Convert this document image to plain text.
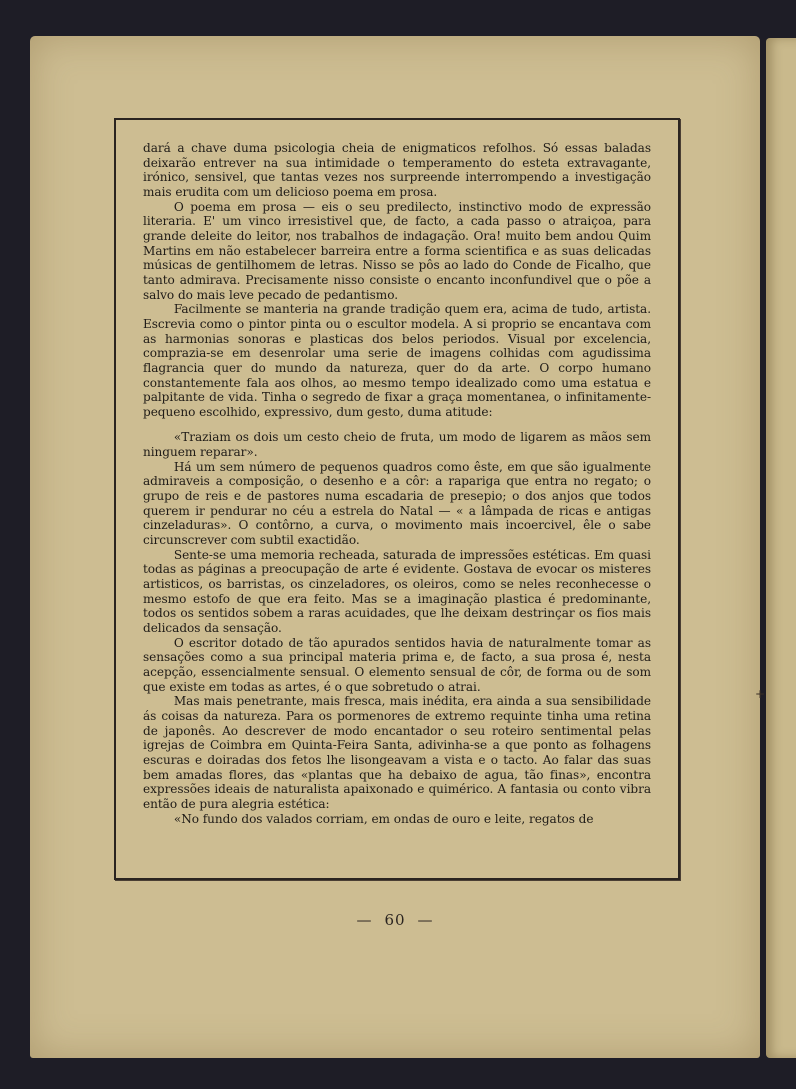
dará a chave duma psicologia cheia de enigmaticos refolhos. Só essas baladas deixarão entrever na sua intimidade o temperamento do esteta extravagante, irónico, sensivel, que tantas vezes nos surpreende interrompendo a investigação mais erudita com um delicioso poema em prosa.

O poema em prosa — eis o seu predilecto, instinctivo modo de expressão literaria. E' um vinco irresistivel que, de facto, a cada passo o atraiçoa, para grande deleite do leitor, nos trabalhos de indagação. Ora! muito bem andou Quim Martins em não estabelecer barreira entre a forma scientifica e as suas delicadas músicas de gentilhomem de letras. Nisso se pôs ao lado do Conde de Ficalho, que tanto admirava. Precisamente nisso consiste o encanto inconfundivel que o põe a salvo do mais leve pecado de pedantismo.

Facilmente se manteria na grande tradição quem era, acima de tudo, artista. Escrevia como o pintor pinta ou o escultor modela. A si proprio se encantava com as harmonias sonoras e plasticas dos belos periodos. Visual por excelencia, comprazia-se em desenrolar uma serie de imagens colhidas com agudissima flagrancia quer do mundo da natureza, quer do da arte. O corpo humano constantemente fala aos olhos, ao mesmo tempo idealizado como uma estatua e palpitante de vida. Tinha o segredo de fixar a graça momentanea, o infinitamente-pequeno escolhido, expressivo, dum gesto, duma atitude:

«Traziam os dois um cesto cheio de fruta, um modo de ligarem as mãos sem ninguem reparar».

Há um sem número de pequenos quadros como êste, em que são igualmente admiraveis a composição, o desenho e a côr: a rapariga que entra no regato; o grupo de reis e de pastores numa escadaria de presepio; o dos anjos que todos querem ir pendurar no céu a estrela do Natal — « a lâmpada de ricas e antigas cinzeladuras». O contôrno, a curva, o movimento mais incoercivel, êle o sabe circunscrever com subtil exactidão.

Sente-se uma memoria recheada, saturada de impressões estéticas. Em quasi todas as páginas a preocupação de arte é evidente. Gostava de evocar os misteres artisticos, os barristas, os cinzeladores, os oleiros, como se neles reconhecesse o mesmo estofo de que era feito. Mas se a imaginação plastica é predominante, todos os sentidos sobem a raras acuidades, que lhe deixam destrinçar os fios mais delicados da sensação.

O escritor dotado de tão apurados sentidos havia de naturalmente tomar as sensações como a sua principal materia prima e, de facto, a sua prosa é, nesta acepção, essencialmente sensual. O elemento sensual de côr, de forma ou de som que existe em todas as artes, é o que sobretudo o atrai.

Mas mais penetrante, mais fresca, mais inédita, era ainda a sua sensibilidade ás coisas da natureza. Para os pormenores de extremo requinte tinha uma retina de japonês. Ao descrever de modo encantador o seu roteiro sentimental pelas igrejas de Coimbra em Quinta-Feira Santa, adivinha-se a que ponto as folhagens escuras e doiradas dos fetos lhe lisongeavam a vista e o tacto. Ao falar das suas bem amadas flores, das «plantas que ha debaixo de agua, tão finas», encontra expressões ideais de naturalista apaixonado e quimérico. A fantasia ou conto vibra então de pura alegria estética:

«No fundo dos valados corriam, em ondas de ouro e leite, regatos de

— 60 —
+
